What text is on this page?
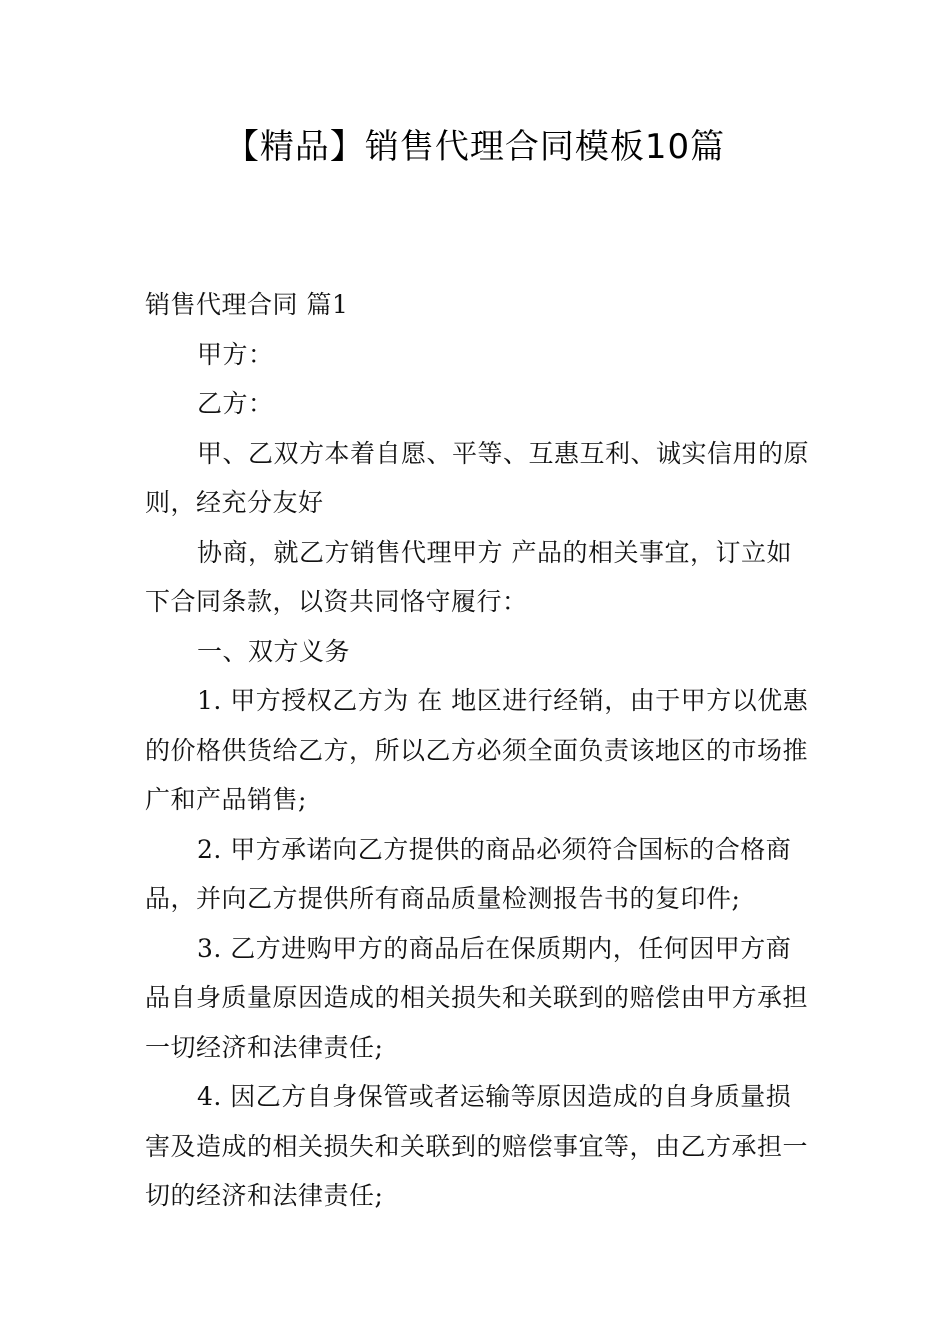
【精品】销售代理合同模板10篇

销售代理合同 篇1

甲方：

乙方：

甲、乙双方本着自愿、平等、互惠互利、诚实信用的原则，经充分友好

协商，就乙方销售代理甲方 产品的相关事宜，订立如下合同条款，以资共同恪守履行：

一、双方义务

1. 甲方授权乙方为 在 地区进行经销，由于甲方以优惠的价格供货给乙方，所以乙方必须全面负责该地区的市场推广和产品销售;

2. 甲方承诺向乙方提供的商品必须符合国标的合格商品，并向乙方提供所有商品质量检测报告书的复印件;

3. 乙方进购甲方的商品后在保质期内，任何因甲方商品自身质量原因造成的相关损失和关联到的赔偿由甲方承担一切经济和法律责任;

4. 因乙方自身保管或者运输等原因造成的自身质量损害及造成的相关损失和关联到的赔偿事宜等，由乙方承担一切的经济和法律责任;
